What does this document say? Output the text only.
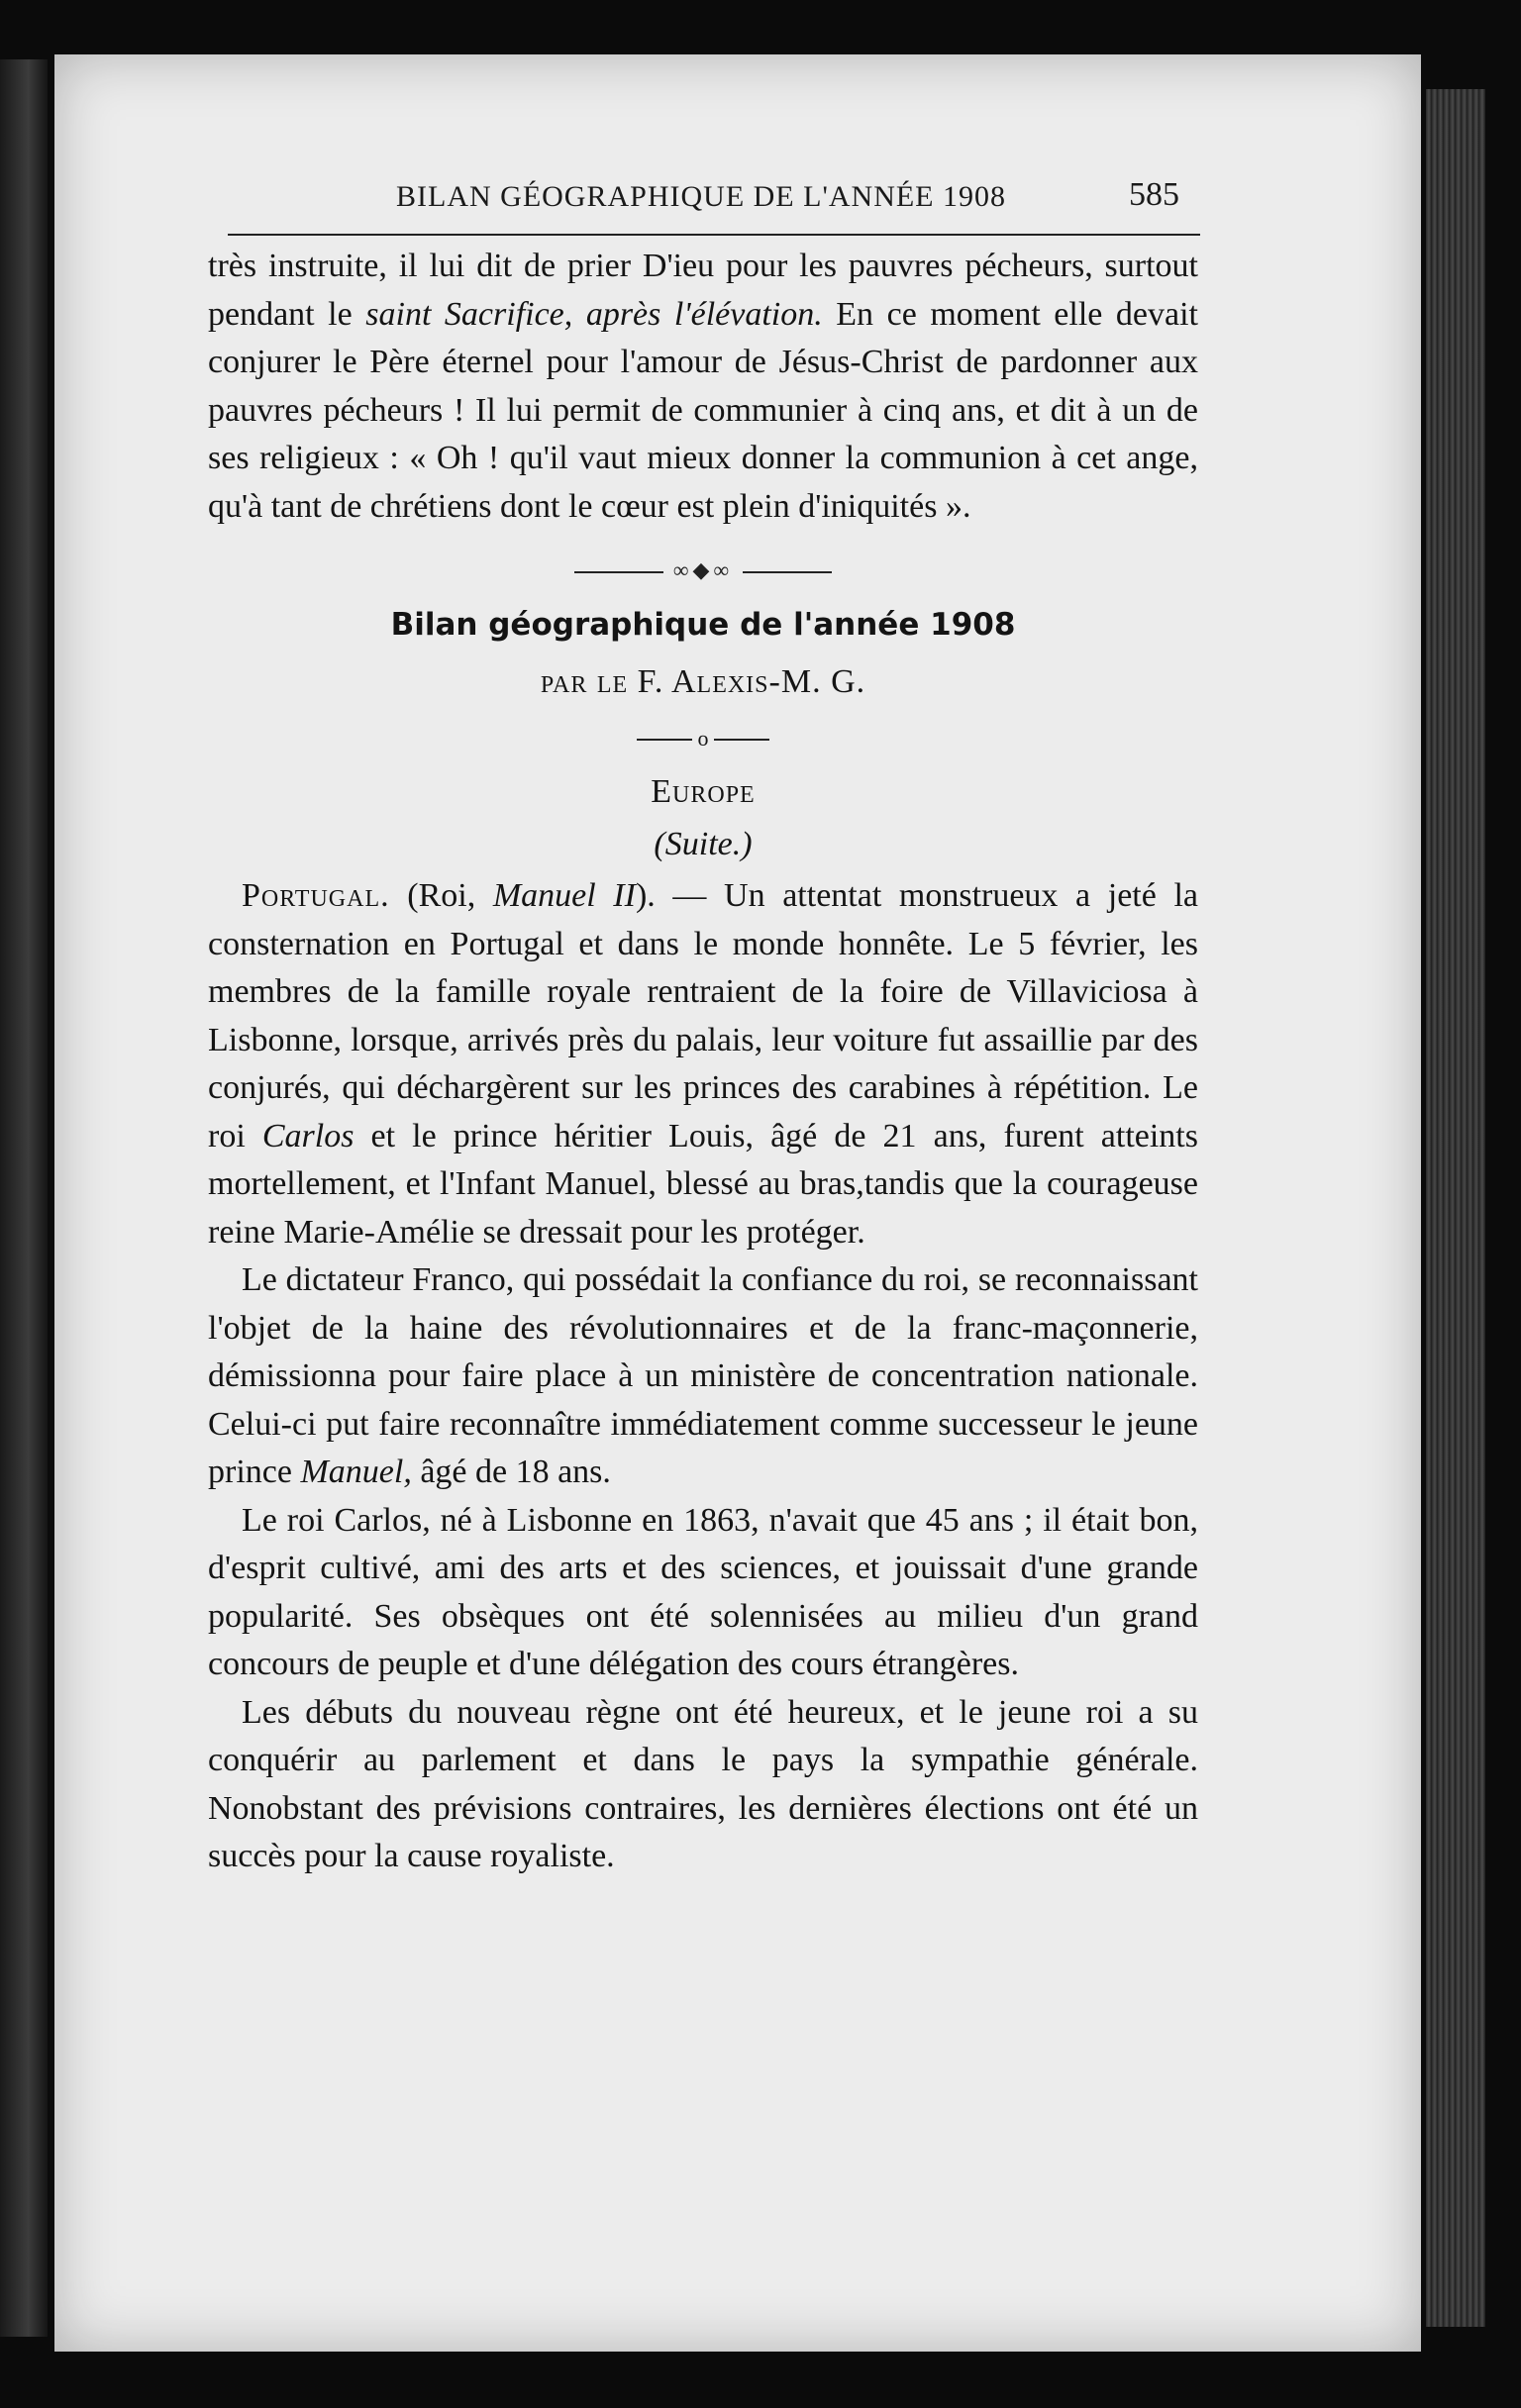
BILAN GÉOGRAPHIQUE DE L'ANNÉE 1908	585

très instruite, il lui dit de prier D'ieu pour les pauvres pécheurs, surtout pendant le saint Sacrifice, après l'élévation. En ce moment elle devait conjurer le Père éternel pour l'amour de Jésus-Christ de pardonner aux pauvres pécheurs ! Il lui permit de communier à cinq ans, et dit à un de ses religieux : « Oh ! qu'il vaut mieux donner la communion à cet ange, qu'à tant de chrétiens dont le cœur est plein d'iniquités ».

∞◆∞
Bilan géographique de l'année 1908
par le F. Alexis-M. G.
o
Europe
(Suite.)

Portugal. (Roi, Manuel II). — Un attentat monstrueux a jeté la consternation en Portugal et dans le monde honnête. Le 5 février, les membres de la famille royale rentraient de la foire de Villaviciosa à Lisbonne, lorsque, arrivés près du palais, leur voiture fut assaillie par des conjurés, qui déchargèrent sur les princes des carabines à répétition. Le roi Carlos et le prince héritier Louis, âgé de 21 ans, furent atteints mortellement, et l'Infant Manuel, blessé au bras,tandis que la courageuse reine Marie-Amélie se dressait pour les protéger.

Le dictateur Franco, qui possédait la confiance du roi, se reconnaissant l'objet de la haine des révolutionnaires et de la franc-maçonnerie, démissionna pour faire place à un ministère de concentration nationale. Celui-ci put faire reconnaître immédiatement comme successeur le jeune prince Manuel, âgé de 18 ans.

Le roi Carlos, né à Lisbonne en 1863, n'avait que 45 ans ; il était bon, d'esprit cultivé, ami des arts et des sciences, et jouissait d'une grande popularité. Ses obsèques ont été solennisées au milieu d'un grand concours de peuple et d'une délégation des cours étrangères.

Les débuts du nouveau règne ont été heureux, et le jeune roi a su conquérir au parlement et dans le pays la sympathie générale. Nonobstant des prévisions contraires, les dernières élections ont été un succès pour la cause royaliste.
